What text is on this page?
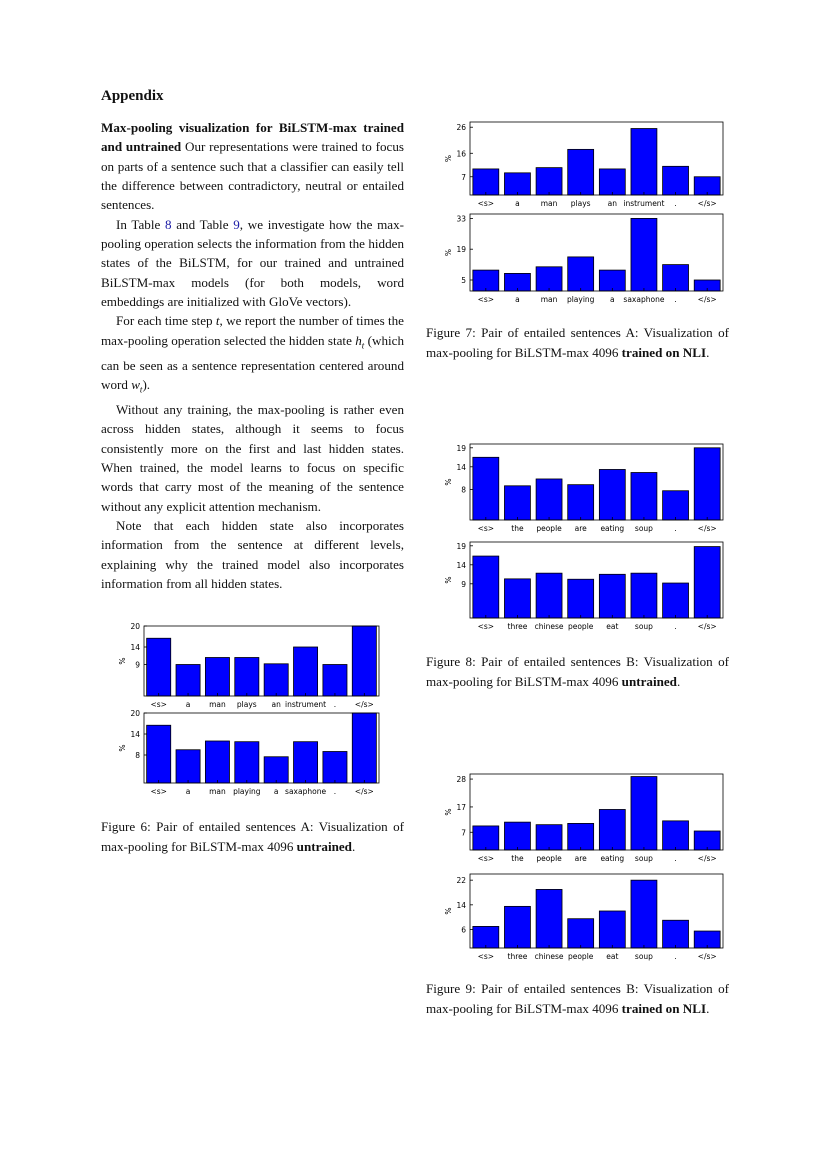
Appendix

Max-pooling visualization for BiLSTM-max trained and untrained Our representations were trained to focus on parts of a sentence such that a classifier can easily tell the difference between contradictory, neutral or entailed sentences.

In Table 8 and Table 9, we investigate how the max-pooling operation selects the information from the hidden states of the BiLSTM, for our trained and untrained BiLSTM-max models (for both models, word embeddings are initialized with GloVe vectors).

For each time step t, we report the number of times the max-pooling operation selected the hidden state $h_t$ (which can be seen as a sentence representation centered around word $w_t$).

Without any training, the max-pooling is rather even across hidden states, although it seems to focus consistently more on the first and last hidden states. When trained, the model learns to focus on specific words that carry most of the meaning of the sentence without any explicit attention mechanism.

Note that each hidden state also incorporates information from the sentence at different levels, explaining why the trained model also incorporates information from all hidden states.

9
14
20
%
<s>	a man plays an instrument . </s>
8
14
20
%
<s>	a man playing a saxaphone . </s>
7
16
26
%
<s>	a	man plays an instrument .	</s>
5
19
33
%
<s>	a	man playing a saxaphone .	</s>
8
14
19
%
<s> the people are eating soup	.	</s>
9
14
19
%
<s> three chinese people eat soup	.	</s>
7
17
28
%
<s> the people are eating soup	.	</s>
6
14
22
%
<s> three chinese people eat soup	.	</s>
Figure 6: Pair of entailed sentences A: Visualization of max-pooling for BiLSTM-max 4096 untrained.
Figure 7: Pair of entailed sentences A: Visualization of max-pooling for BiLSTM-max 4096 trained on NLI.
Figure 8: Pair of entailed sentences B: Visualization of max-pooling for BiLSTM-max 4096 untrained.
Figure 9: Pair of entailed sentences B: Visualization of max-pooling for BiLSTM-max 4096 trained on NLI.
